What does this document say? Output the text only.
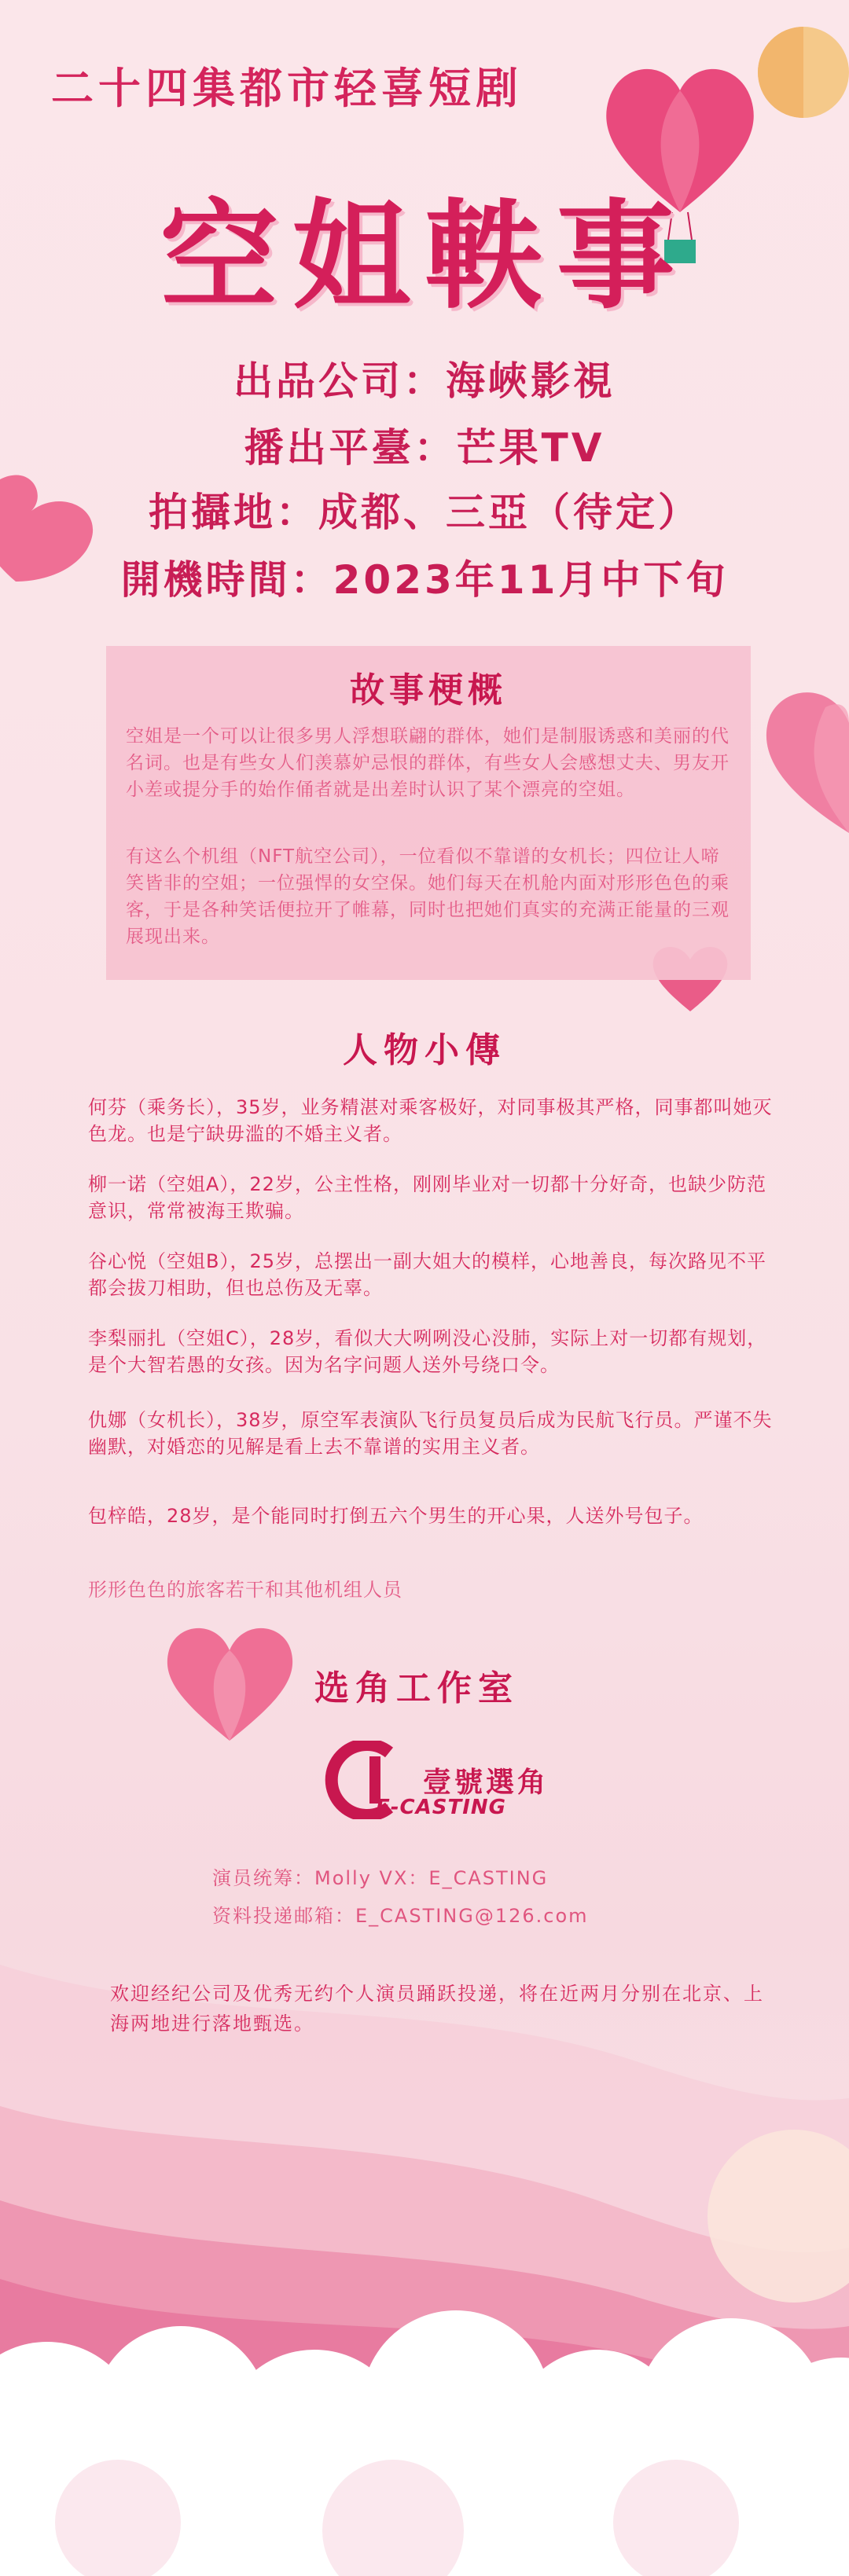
二十四集都市轻喜短剧
空姐軼事
出品公司：海峽影視
播出平臺：芒果TV
拍攝地：成都、三亞（待定）
開機時間：2023年11月中下旬
故事梗概
空姐是一个可以让很多男人浮想联翩的群体，她们是制服诱惑和美丽的代名词。也是有些女人们羡慕妒忌恨的群体，有些女人会感想丈夫、男友开小差或提分手的始作俑者就是出差时认识了某个漂亮的空姐。
有这么个机组（NFT航空公司），一位看似不靠谱的女机长；四位让人啼笑皆非的空姐；一位强悍的女空保。她们每天在机舱内面对形形色色的乘客，于是各种笑话便拉开了帷幕，同时也把她们真实的充满正能量的三观展现出来。
人物小傳
何芬（乘务长），35岁，业务精湛对乘客极好，对同事极其严格，同事都叫她灭色龙。也是宁缺毋滥的不婚主义者。
柳一诺（空姐A），22岁，公主性格，刚刚毕业对一切都十分好奇，也缺少防范意识，常常被海王欺骗。
谷心悦（空姐B），25岁，总摆出一副大姐大的模样，心地善良，每次路见不平都会拔刀相助，但也总伤及无辜。
李梨丽扎（空姐C），28岁，看似大大咧咧没心没肺，实际上对一切都有规划，是个大智若愚的女孩。因为名字问题人送外号绕口令。
仇娜（女机长），38岁，原空军表演队飞行员复员后成为民航飞行员。严谨不失幽默，对婚恋的见解是看上去不靠谱的实用主义者。
包梓皓，28岁，是个能同时打倒五六个男生的开心果，人送外号包子。
形形色色的旅客若干和其他机组人员
选角工作室
壹號選角
E-CASTING
演员统筹：Molly VX：E_CASTING
资料投递邮箱：E_CASTING@126.com
欢迎经纪公司及优秀无约个人演员踊跃投递，将在近两月分别在北京、上海两地进行落地甄选。
